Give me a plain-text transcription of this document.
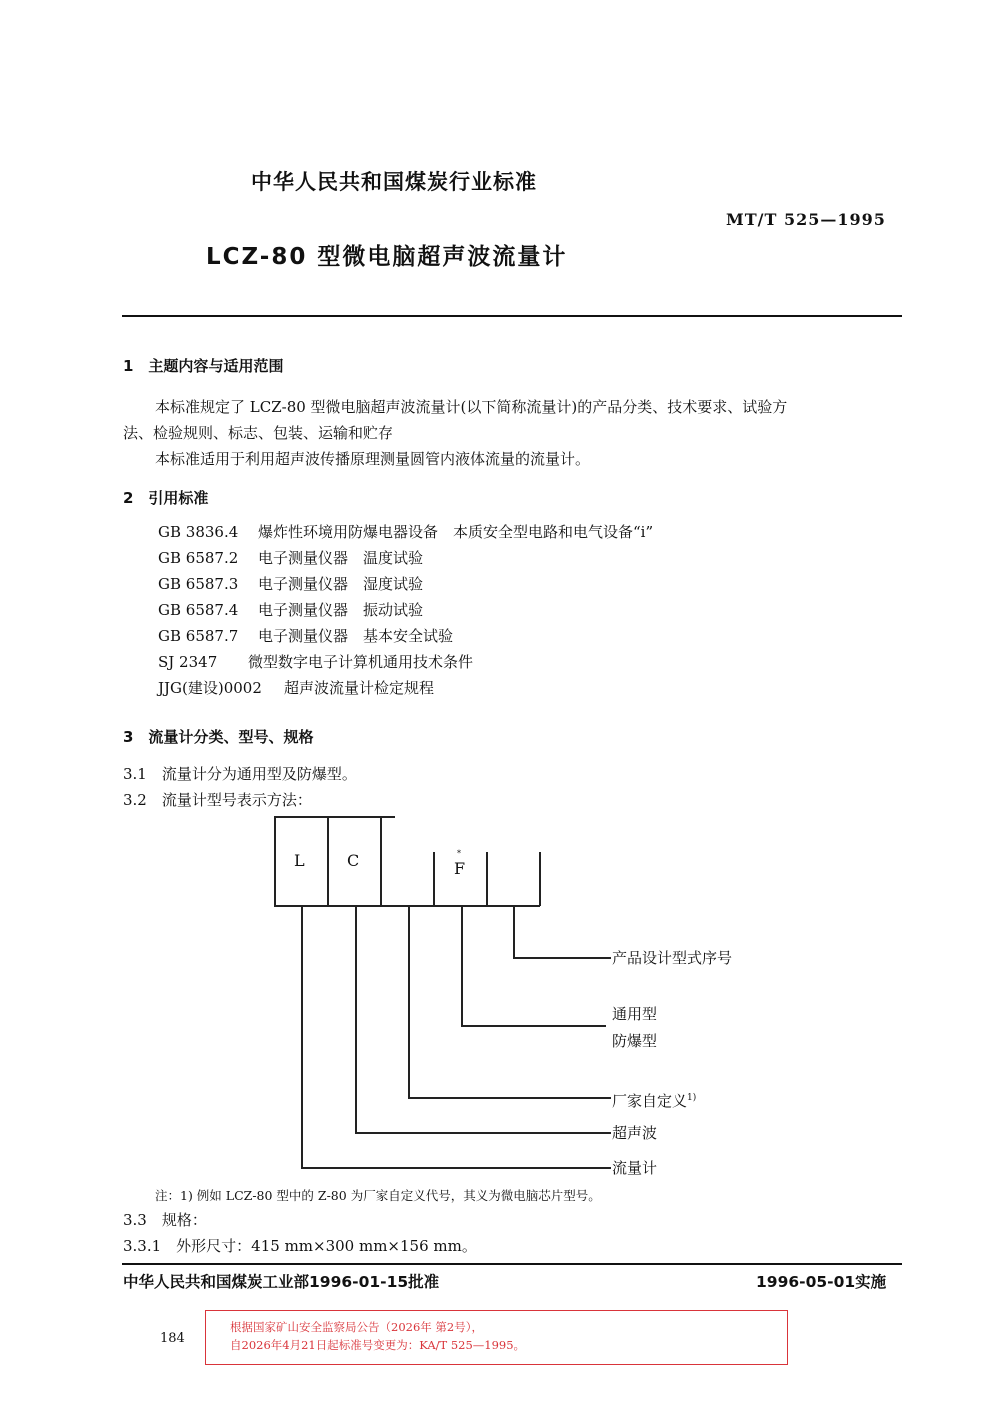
中华人民共和国煤炭行业标准
MT/T 525—1995
LCZ-80 型微电脑超声波流量计
1　主题内容与适用范围
本标准规定了 LCZ-80 型微电脑超声波流量计(以下简称流量计)的产品分类、技术要求、试验方
法、检验规则、标志、包装、运输和贮存
本标准适用于利用超声波传播原理测量圆管内液体流量的流量计。
2　引用标准
GB 3836.4 爆炸性环境用防爆电器设备　本质安全型电路和电气设备“i”
GB 6587.2 电子测量仪器　温度试验
GB 6587.3 电子测量仪器　湿度试验
GB 6587.4 电子测量仪器　振动试验
GB 6587.7 电子测量仪器　基本安全试验
SJ 2347 微型数字电子计算机通用技术条件
JJG(建设)0002 超声波流量计检定规程
3　流量计分类、型号、规格
3.1　流量计分为通用型及防爆型。
3.2　流量计型号表示方法：
L	C	*
F
产品设计型式序号
通用型
防爆型
厂家自定义$^{1)}$
超声波
流量计
注：1) 例如 LCZ-80 型中的 Z-80 为厂家自定义代号，其义为微电脑芯片型号。
3.3　规格：
3.3.1　外形尺寸：415 mm×300 mm×156 mm。
中华人民共和国煤炭工业部1996-01-15批准	1996-05-01实施
184
根据国家矿山安全监察局公告（2026年 第2号），
自2026年4月21日起标准号变更为：KA/T 525—1995。
